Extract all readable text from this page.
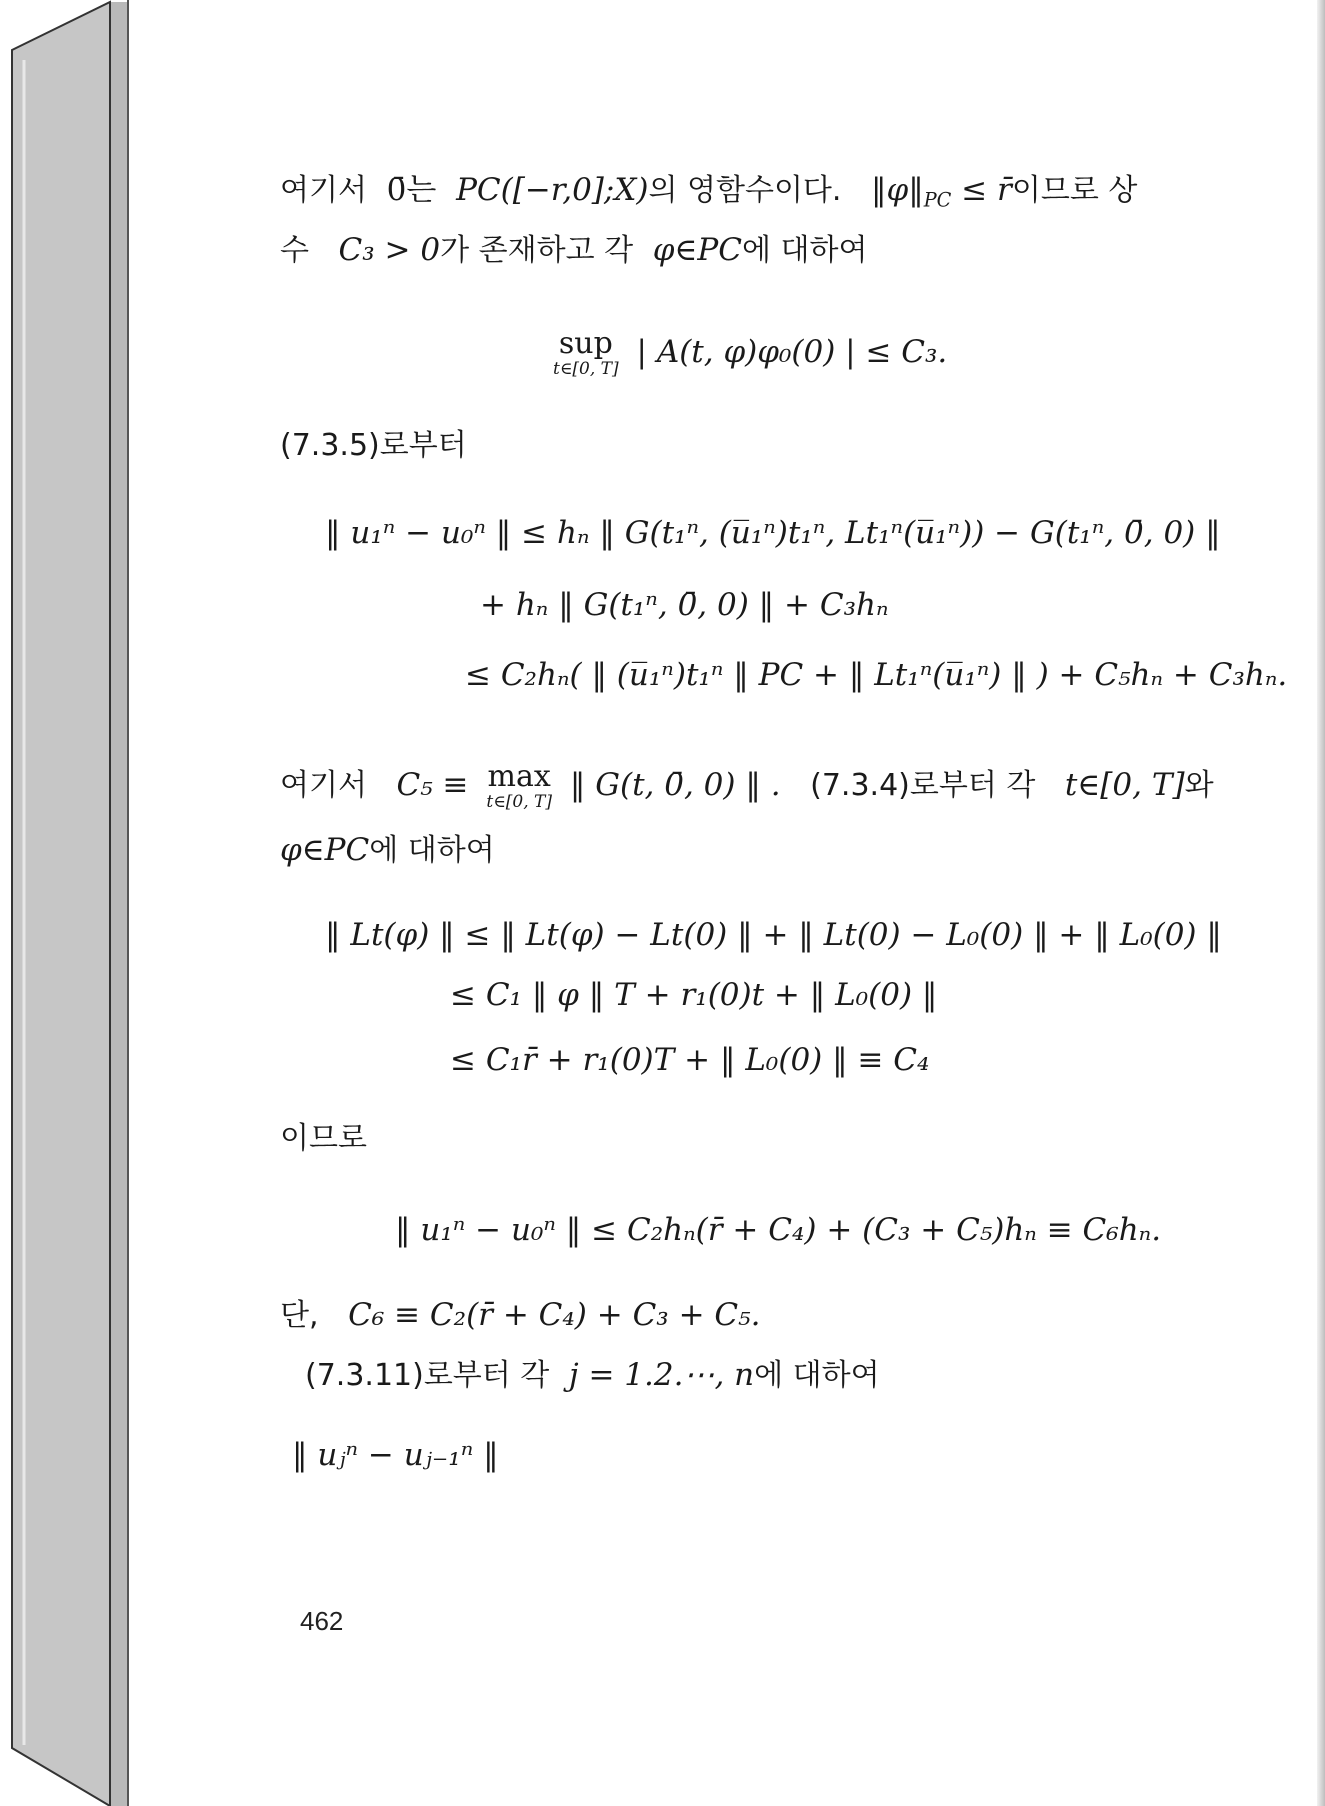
여기서 0̄는 PC([−r,0];X)의 영함수이다. $‖\varphi‖_{PC}$ ≤ r̄이므로 상
수 C₃ > 0가 존재하고 각 φ∈PC에 대하여
sup
t∈[0, T] | A(t, φ)φ₀(0) | ≤ C₃.
(7.3.5)로부터
‖ u₁ⁿ − u₀ⁿ ‖ ≤ hₙ ‖ G(t₁ⁿ, (u̅₁ⁿ)t₁ⁿ, Lt₁ⁿ(u̅₁ⁿ)) − G(t₁ⁿ, 0̄, 0) ‖
+ hₙ ‖ G(t₁ⁿ, 0̄, 0) ‖ + C₃hₙ
≤ C₂hₙ( ‖ (u̅₁ⁿ)t₁ⁿ ‖ PC + ‖ Lt₁ⁿ(u̅₁ⁿ) ‖ ) + C₅hₙ + C₃hₙ.
여기서 C₅ ≡ max
t∈[0, T] ‖ G(t, 0̄, 0) ‖ . (7.3.4)로부터 각 t∈[0, T]와
φ∈PC에 대하여
‖ Lt(φ) ‖ ≤ ‖ Lt(φ) − Lt(0) ‖ + ‖ Lt(0) − L₀(0) ‖ + ‖ L₀(0) ‖
≤ C₁ ‖ φ ‖ T + r₁(0)t + ‖ L₀(0) ‖
≤ C₁r̄ + r₁(0)T + ‖ L₀(0) ‖ ≡ C₄
이므로
‖ u₁ⁿ − u₀ⁿ ‖ ≤ C₂hₙ(r̄ + C₄) + (C₃ + C₅)hₙ ≡ C₆hₙ.
단, C₆ ≡ C₂(r̄ + C₄) + C₃ + C₅.
(7.3.11)로부터 각 j = 1.2.⋯, n에 대하여
‖ uⱼⁿ − uⱼ₋₁ⁿ ‖
462
